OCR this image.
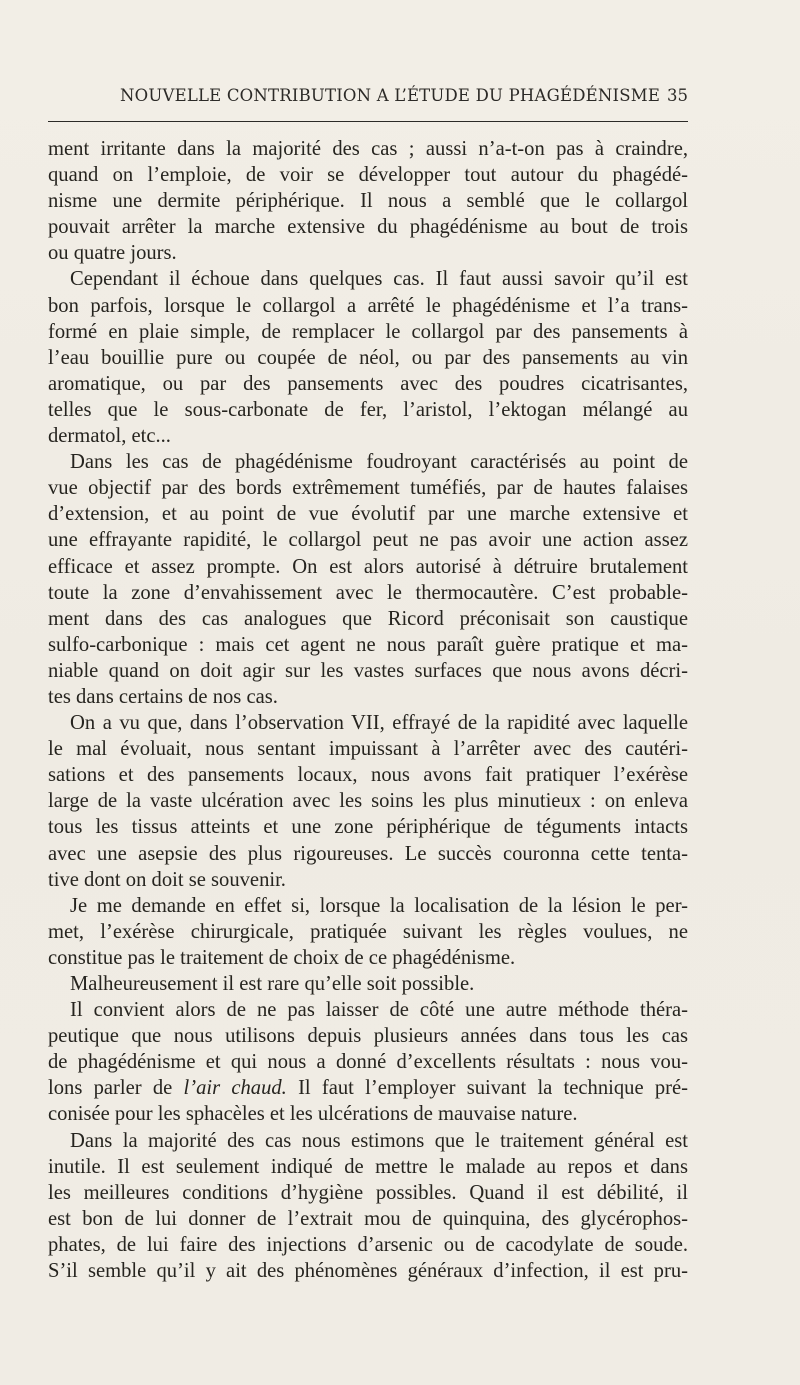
NOUVELLE CONTRIBUTION A L’ÉTUDE DU PHAGÉDÉNISME 35
ment irritante dans la majorité des cas ; aussi n’a-t-on pas à craindre,
quand on l’emploie, de voir se développer tout autour du phagédé-
nisme une dermite périphérique. Il nous a semblé que le collargol
pouvait arrêter la marche extensive du phagédénisme au bout de trois
ou quatre jours.
Cependant il échoue dans quelques cas. Il faut aussi savoir qu’il est
bon parfois, lorsque le collargol a arrêté le phagédénisme et l’a trans-
formé en plaie simple, de remplacer le collargol par des pansements à
l’eau bouillie pure ou coupée de néol, ou par des pansements au vin
aromatique, ou par des pansements avec des poudres cicatrisantes,
telles que le sous-carbonate de fer, l’aristol, l’ektogan mélangé au
dermatol, etc...
Dans les cas de phagédénisme foudroyant caractérisés au point de
vue objectif par des bords extrêmement tuméfiés, par de hautes falaises
d’extension, et au point de vue évolutif par une marche extensive et
une effrayante rapidité, le collargol peut ne pas avoir une action assez
efficace et assez prompte. On est alors autorisé à détruire brutalement
toute la zone d’envahissement avec le thermocautère. C’est probable-
ment dans des cas analogues que Ricord préconisait son caustique
sulfo-carbonique : mais cet agent ne nous paraît guère pratique et ma-
niable quand on doit agir sur les vastes surfaces que nous avons décri-
tes dans certains de nos cas.
On a vu que, dans l’observation VII, effrayé de la rapidité avec laquelle
le mal évoluait, nous sentant impuissant à l’arrêter avec des cautéri-
sations et des pansements locaux, nous avons fait pratiquer l’exérèse
large de la vaste ulcération avec les soins les plus minutieux : on enleva
tous les tissus atteints et une zone périphérique de téguments intacts
avec une asepsie des plus rigoureuses. Le succès couronna cette tenta-
tive dont on doit se souvenir.
Je me demande en effet si, lorsque la localisation de la lésion le per-
met, l’exérèse chirurgicale, pratiquée suivant les règles voulues, ne
constitue pas le traitement de choix de ce phagédénisme.
Malheureusement il est rare qu’elle soit possible.
Il convient alors de ne pas laisser de côté une autre méthode théra-
peutique que nous utilisons depuis plusieurs années dans tous les cas
de phagédénisme et qui nous a donné d’excellents résultats : nous vou-
lons parler de l’air chaud. Il faut l’employer suivant la technique pré-
conisée pour les sphacèles et les ulcérations de mauvaise nature.
Dans la majorité des cas nous estimons que le traitement général est
inutile. Il est seulement indiqué de mettre le malade au repos et dans
les meilleures conditions d’hygiène possibles. Quand il est débilité, il
est bon de lui donner de l’extrait mou de quinquina, des glycérophos-
phates, de lui faire des injections d’arsenic ou de cacodylate de soude.
S’il semble qu’il y ait des phénomènes généraux d’infection, il est pru-
